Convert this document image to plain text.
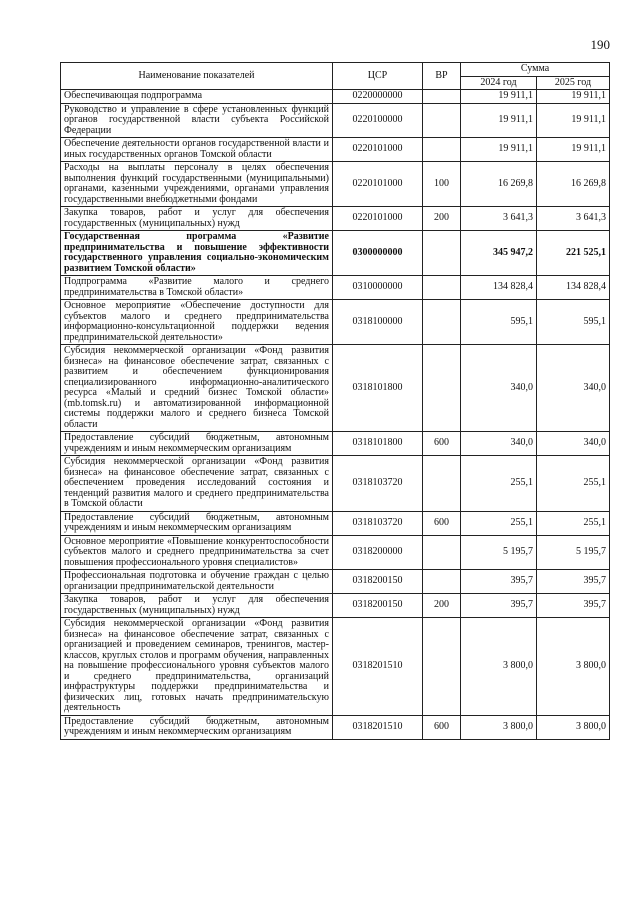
190
Наименование показателей	ЦСР	ВР	Сумма	
			2024 год	2025 год
Обеспечивающая подпрограмма	0220000000		19 911,1	19 911,1
Руководство и управление в сфере установленных функций органов государственной власти субъекта Российской Федерации	0220100000		19 911,1	19 911,1
Обеспечение деятельности органов государственной власти и иных государственных органов Томской области	0220101000		19 911,1	19 911,1
Расходы на выплаты персоналу в целях обеспечения выполнения функций государственными (муниципальными) органами, казенными учреждениями, органами управления государственными внебюджетными фондами	0220101000	100	16 269,8	16 269,8
Закупка товаров, работ и услуг для обеспечения государственных (муниципальных) нужд	0220101000	200	3 641,3	3 641,3
Государственная программа «Развитие предпринимательства и повышение эффективности государственного управления социально-экономическим развитием Томской области»	0300000000		345 947,2	221 525,1
Подпрограмма «Развитие малого и среднего предпринимательства в Томской области»	0310000000		134 828,4	134 828,4
Основное мероприятие «Обеспечение доступности для субъектов малого и среднего предпринимательства информационно-консультационной поддержки ведения предпринимательской деятельности»	0318100000		595,1	595,1
Субсидия некоммерческой организации «Фонд развития бизнеса» на финансовое обеспечение затрат, связанных с развитием и обеспечением функционирования специализированного информационно-аналитического ресурса «Малый и средний бизнес Томской области» (mb.tomsk.ru) и автоматизированной информационной системы поддержки малого и среднего бизнеса Томской области	0318101800		340,0	340,0
Предоставление субсидий бюджетным, автономным учреждениям и иным некоммерческим организациям	0318101800	600	340,0	340,0
Субсидия некоммерческой организации «Фонд развития бизнеса» на финансовое обеспечение затрат, связанных с обеспечением проведения исследований состояния и тенденций развития малого и среднего предпринимательства в Томской области	0318103720		255,1	255,1
Предоставление субсидий бюджетным, автономным учреждениям и иным некоммерческим организациям	0318103720	600	255,1	255,1
Основное мероприятие «Повышение конкурентоспособности субъектов малого и среднего предпринимательства за счет повышения профессионального уровня специалистов»	0318200000		5 195,7	5 195,7
Профессиональная подготовка и обучение граждан с целью организации предпринимательской деятельности	0318200150		395,7	395,7
Закупка товаров, работ и услуг для обеспечения государственных (муниципальных) нужд	0318200150	200	395,7	395,7
Субсидия некоммерческой организации «Фонд развития бизнеса» на финансовое обеспечение затрат, связанных с организацией и проведением семинаров, тренингов, мастер-классов, круглых столов и программ обучения, направленных на повышение профессионального уровня субъектов малого и среднего предпринимательства, организаций инфраструктуры поддержки предпринимательства и физических лиц, готовых начать предпринимательскую деятельность	0318201510		3 800,0	3 800,0
Предоставление субсидий бюджетным, автономным учреждениям и иным некоммерческим организациям	0318201510	600	3 800,0	3 800,0
